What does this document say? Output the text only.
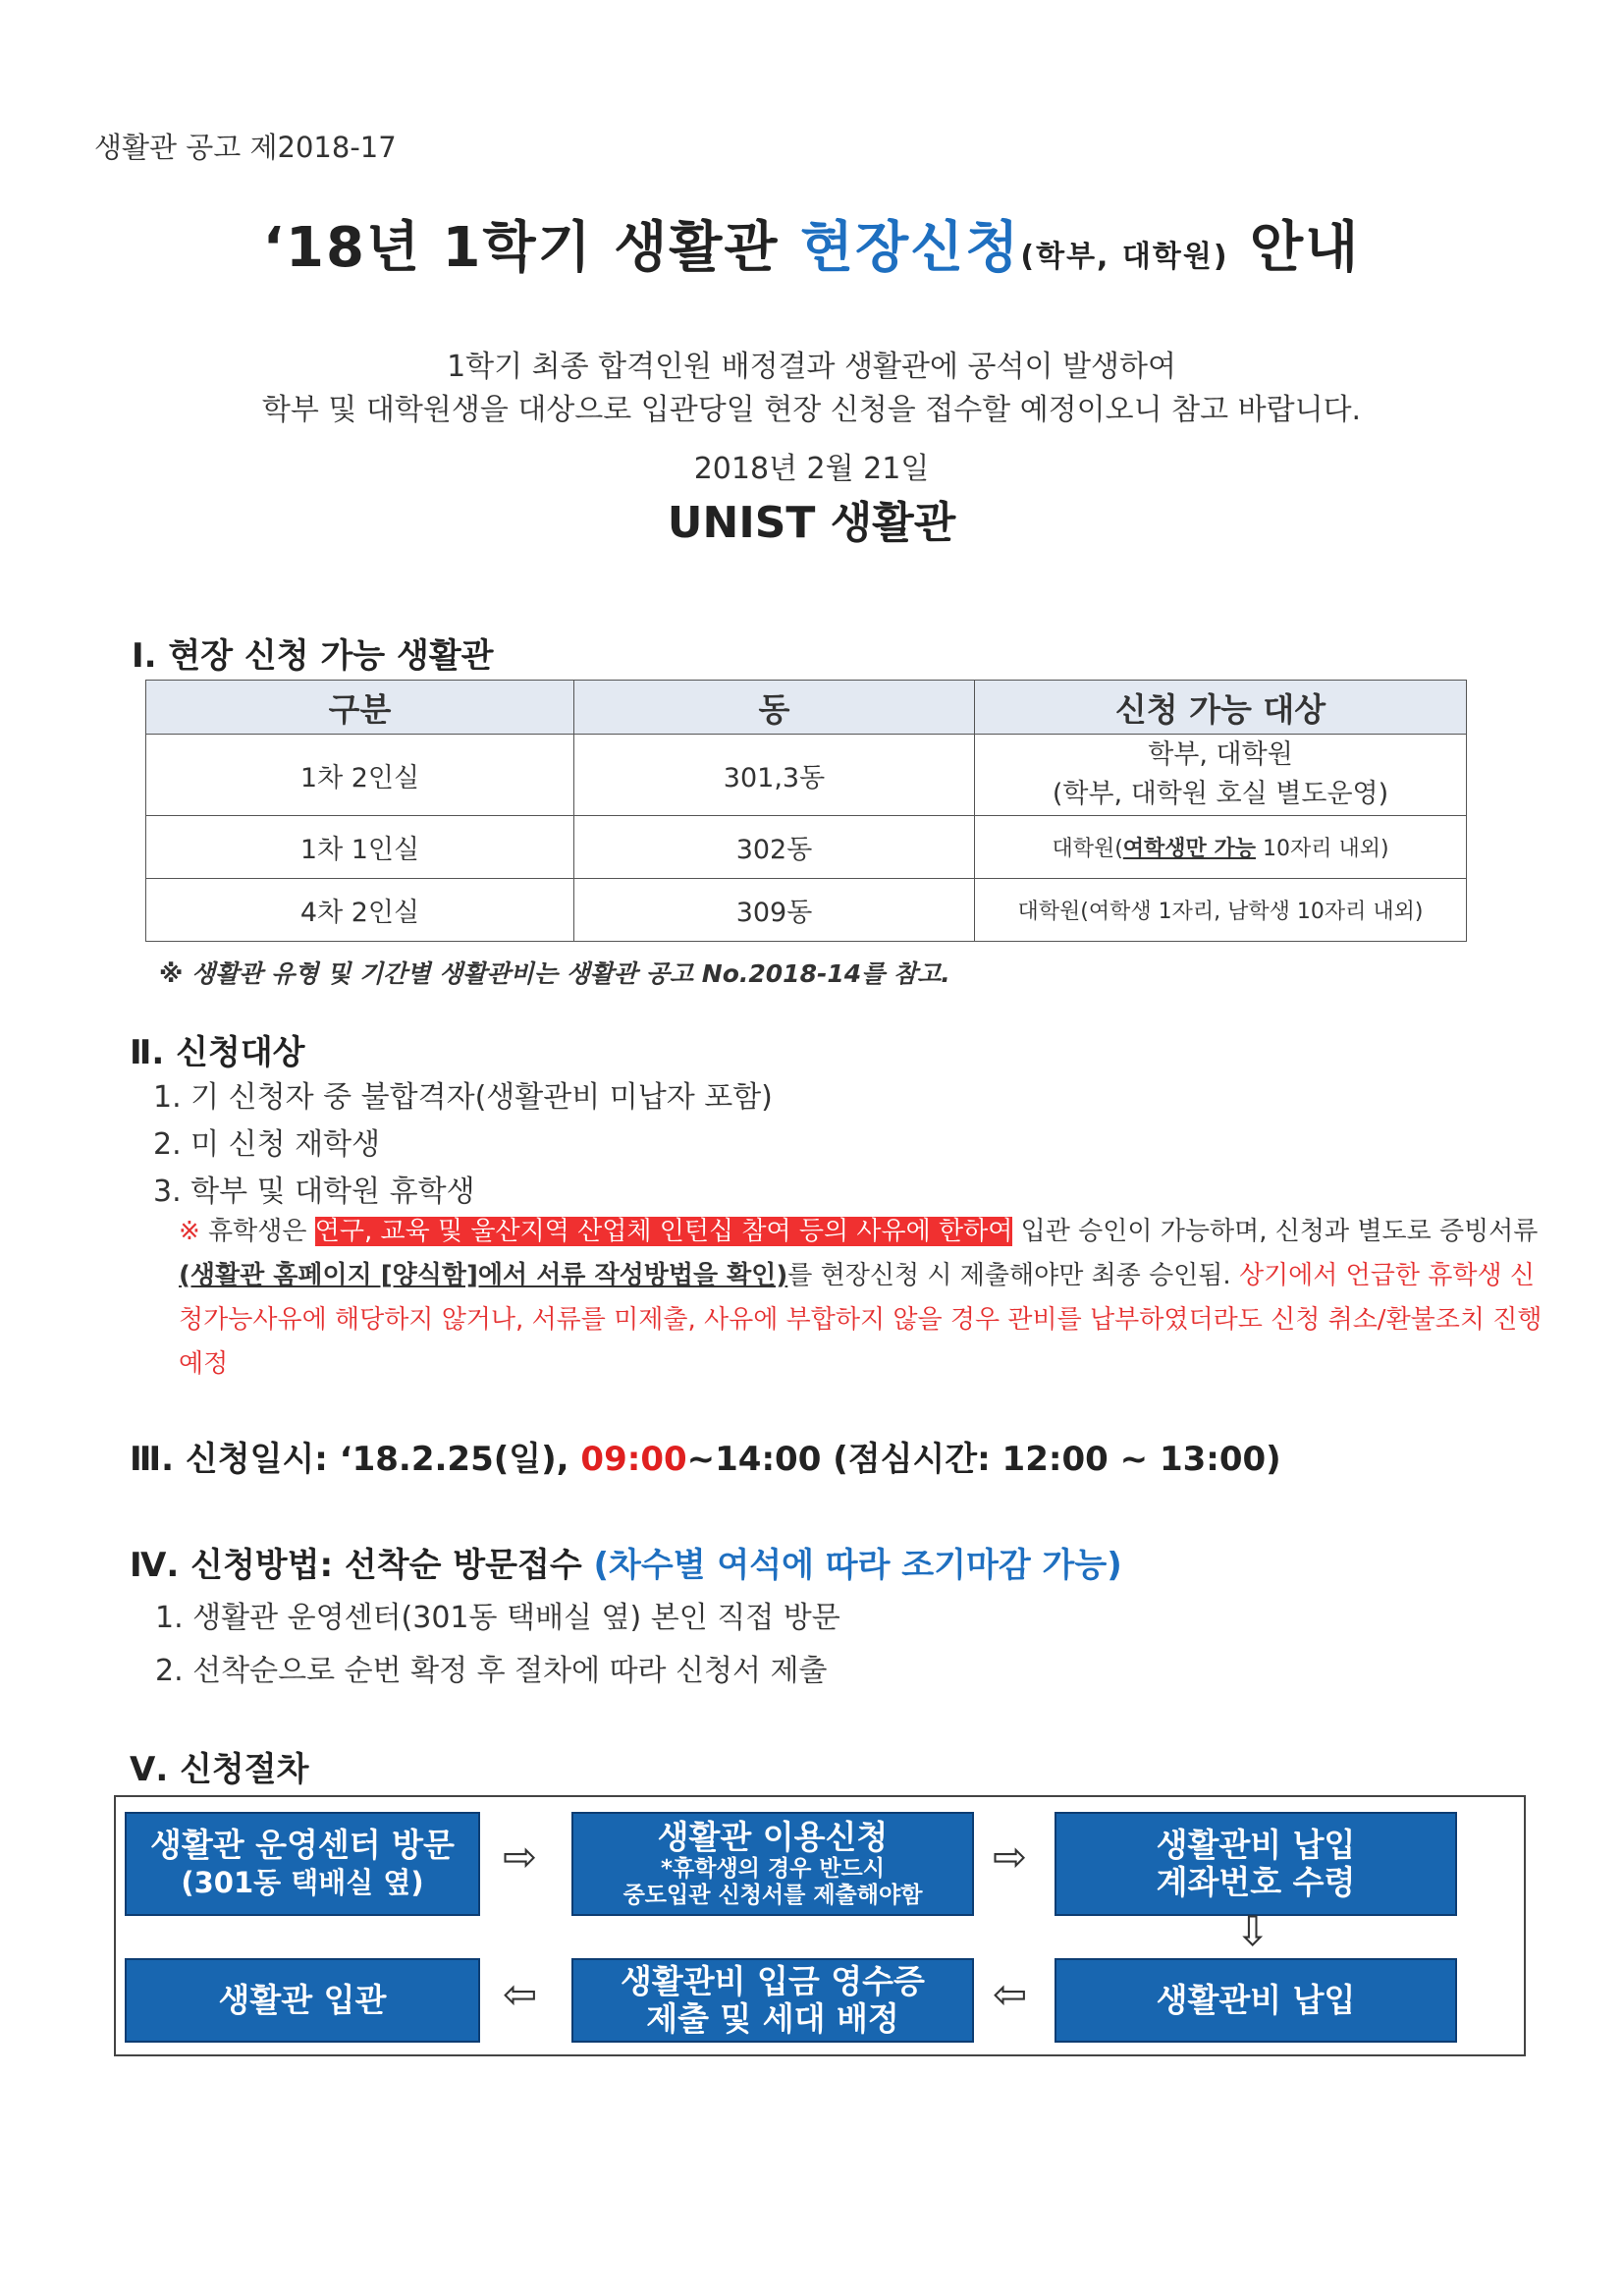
생활관 공고 제2018-17
‘18년 1학기 생활관 현장신청(학부, 대학원) 안내
1학기 최종 합격인원 배정결과 생활관에 공석이 발생하여
학부 및 대학원생을 대상으로 입관당일 현장 신청을 접수할 예정이오니 참고 바랍니다.
2018년 2월 21일
UNIST 생활관
Ⅰ. 현장 신청 가능 생활관
구분	동	신청 가능 대상
1차 2인실	301,3동	학부, 대학원
(학부, 대학원 호실 별도운영)

1차 1인실	302동	대학원(여학생만 가능 10자리 내외)
4차 2인실	309동	대학원(여학생 1자리, 남학생 10자리 내외)
※ 생활관 유형 및 기간별 생활관비는 생활관 공고 No.2018-14를 참고.
Ⅱ. 신청대상
1. 기 신청자 중 불합격자(생활관비 미납자 포함)
2. 미 신청 재학생
3. 학부 및 대학원 휴학생
※ 휴학생은 연구, 교육 및 울산지역 산업체 인턴십 참여 등의 사유에 한하여 입관 승인이 가능하며, 신청과 별도로 증빙서류 (생활관 홈페이지 [양식함]에서 서류 작성방법을 확인)를 현장신청 시 제출해야만 최종 승인됨. 상기에서 언급한 휴학생 신청가능사유에 해당하지 않거나, 서류를 미제출, 사유에 부합하지 않을 경우 관비를 납부하였더라도 신청 취소/환불조치 진행 예정
Ⅲ. 신청일시: ‘18.2.25(일), 09:00~14:00 (점심시간: 12:00 ~ 13:00)
Ⅳ. 신청방법: 선착순 방문접수 (차수별 여석에 따라 조기마감 가능)
1. 생활관 운영센터(301동 택배실 옆) 본인 직접 방문
2. 선착순으로 순번 확정 후 절차에 따라 신청서 제출
Ⅴ. 신청절차
생활관 운영센터 방문
(301동 택배실 옆)
⇨	생활관 이용신청
*휴학생의 경우 반드시
중도입관 신청서를 제출해야함
⇨	생활관비 납입
계좌번호 수령
⇩
생활관 입관	⇦	생활관비 입금 영수증
제출 및 세대 배정
⇦	생활관비 납입
